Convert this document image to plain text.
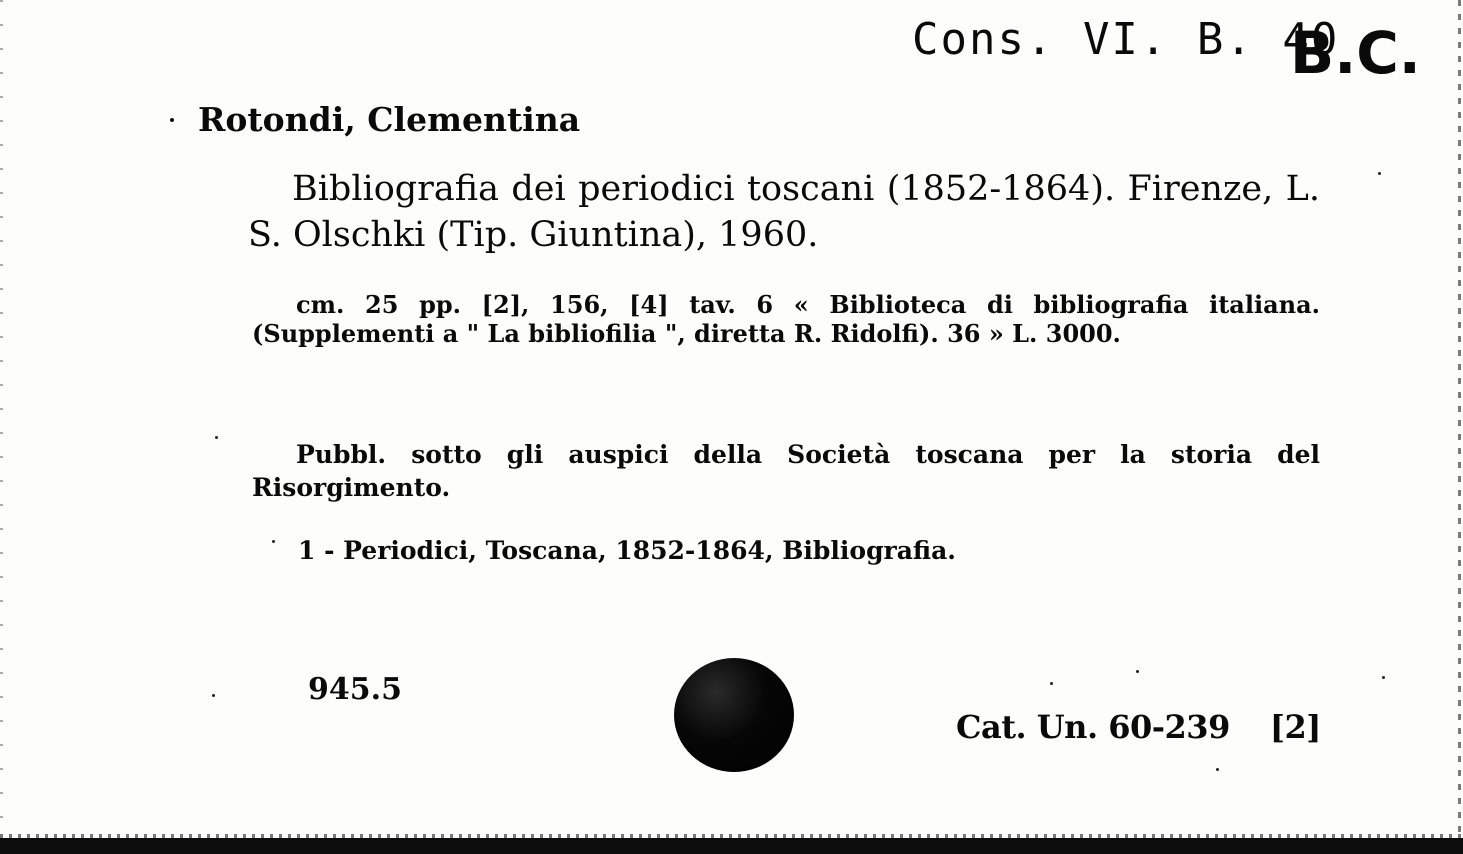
Cons. VI. B. 40
B.C.
Rotondi, Clementina
Bibliografia dei periodici toscani (1852-1864). Firenze, L. S. Olschki (Tip. Giuntina), 1960.
cm. 25 pp. [2], 156, [4] tav. 6 « Biblioteca di bibliografia italiana. (Supplementi a " La bibliofilia ", diretta R. Ridolfi). 36 » L. 3000.
Pubbl. sotto gli auspici della Società toscana per la storia del Risorgimento.
1 - Periodici, Toscana, 1852-1864, Bibliografia.
945.5
Cat. Un. 60-239 [2]
